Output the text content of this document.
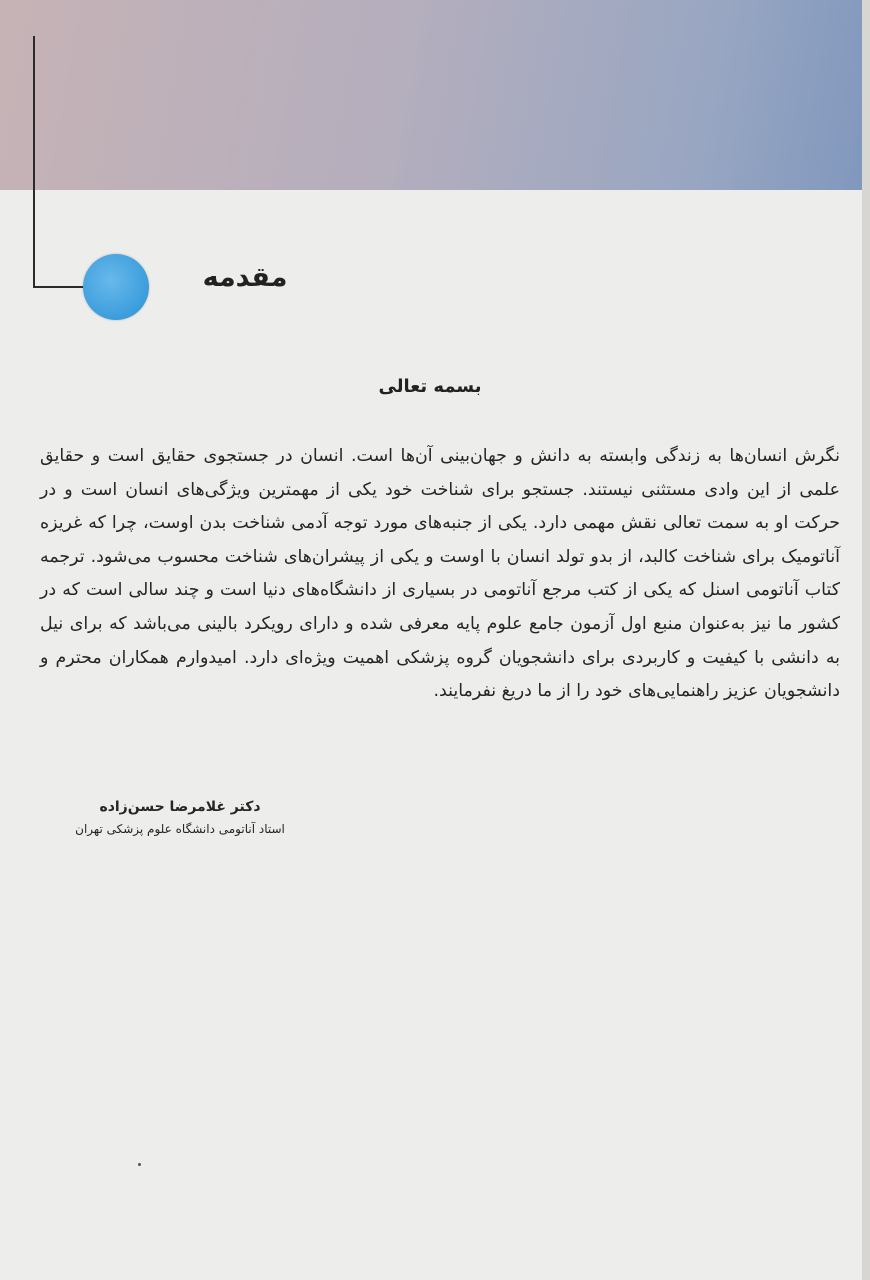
مقدمه
بسمه تعالی

نگرش انسان‌ها به زندگی وابسته به دانش و جهان‌بینی آن‌ها است. انسان در جستجوی حقایق است و حقایق علمی از این وادی مستثنی نیستند. جستجو برای شناخت خود یکی از مهمترین ویژگی‌های انسان است و در حرکت او به سمت تعالی نقش مهمی دارد. یکی از جنبه‌های مورد توجه آدمی شناخت بدن اوست، چرا که غریزه آناتومیک برای شناخت کالبد، از بدو تولد انسان با اوست و یکی از پیشران‌های شناخت محسوب می‌شود. ترجمه کتاب آناتومی اسنل که یکی از کتب مرجع آناتومی در بسیاری از دانشگاه‌های دنیا است و چند سالی است که در کشور ما نیز به‌عنوان منبع اول آزمون جامع علوم پایه معرفی شده و دارای رویکرد بالینی می‌باشد که برای نیل به دانشی با کیفیت و کاربردی برای دانشجویان گروه پزشکی اهمیت ویژه‌ای دارد. امیدوارم همکاران محترم و دانشجویان عزیز راهنمایی‌های خود را از ما دریغ نفرمایند.

دکتر غلامرضا حسن‌زاده
استاد آناتومی دانشگاه علوم پزشکی تهران
